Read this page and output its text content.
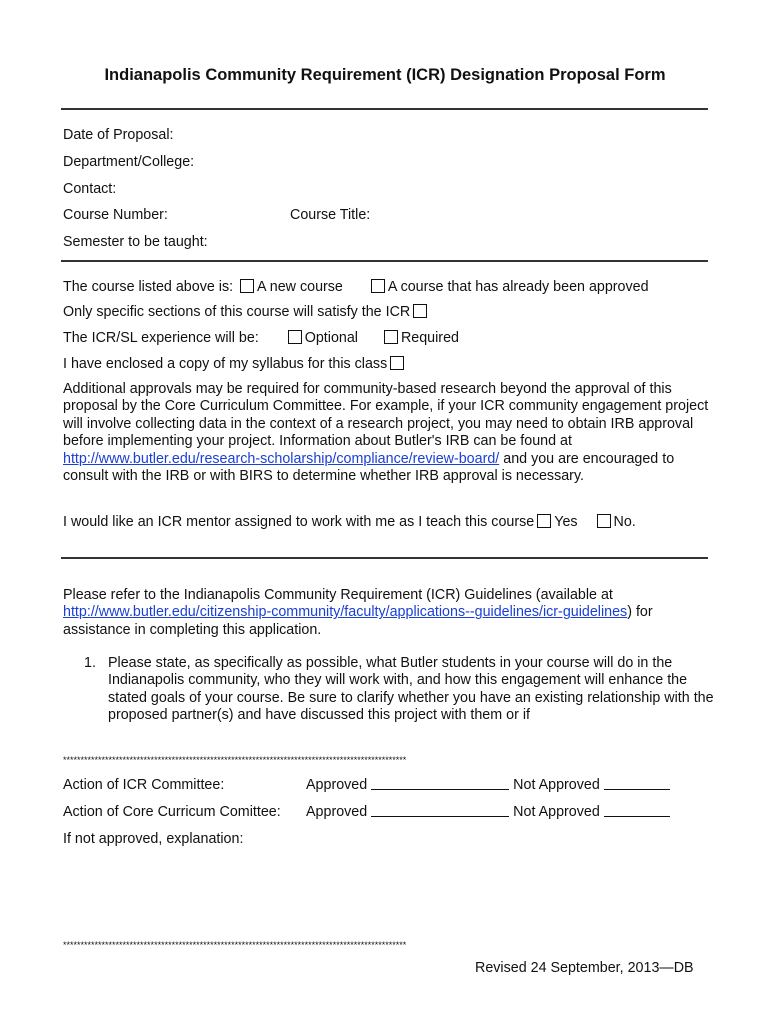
Indianapolis Community Requirement (ICR) Designation Proposal Form
Date of Proposal:
Department/College:
Contact:
Course Number:	Course Title:
Semester to be taught:
The course listed above is: A new course	A course that has already been approved
Only specific sections of this course will satisfy the ICR
The ICR/SL experience will be:	Optional	Required
I have enclosed a copy of my syllabus for this class
Additional approvals may be required for community-based research beyond the approval of this proposal by the Core Curriculum Committee. For example, if your ICR community engagement project will involve collecting data in the context of a research project, you may need to obtain IRB approval before implementing your project. Information about Butler's IRB can be found at http://www.butler.edu/research-scholarship/compliance/review-board/ and you are encouraged to consult with the IRB or with BIRS to determine whether IRB approval is necessary.
I would like an ICR mentor assigned to work with me as I teach this course Yes	No.
Please refer to the Indianapolis Community Requirement (ICR) Guidelines (available at http://www.butler.edu/citizenship-community/faculty/applications--guidelines/icr-guidelines) for assistance in completing this application.
1. Please state, as specifically as possible, what Butler students in your course will do in the Indianapolis community, who they will work with, and how this engagement will enhance the stated goals of your course. Be sure to clarify whether you have an existing relationship with the proposed partner(s) and have discussed this project with them or if
**************************************************************************************************
Action of ICR Committee:	Approved	Not Approved
Action of Core Curricum Comittee: Approved	Not Approved
If not approved, explanation:
**************************************************************************************************
Revised 24 September, 2013—DB
